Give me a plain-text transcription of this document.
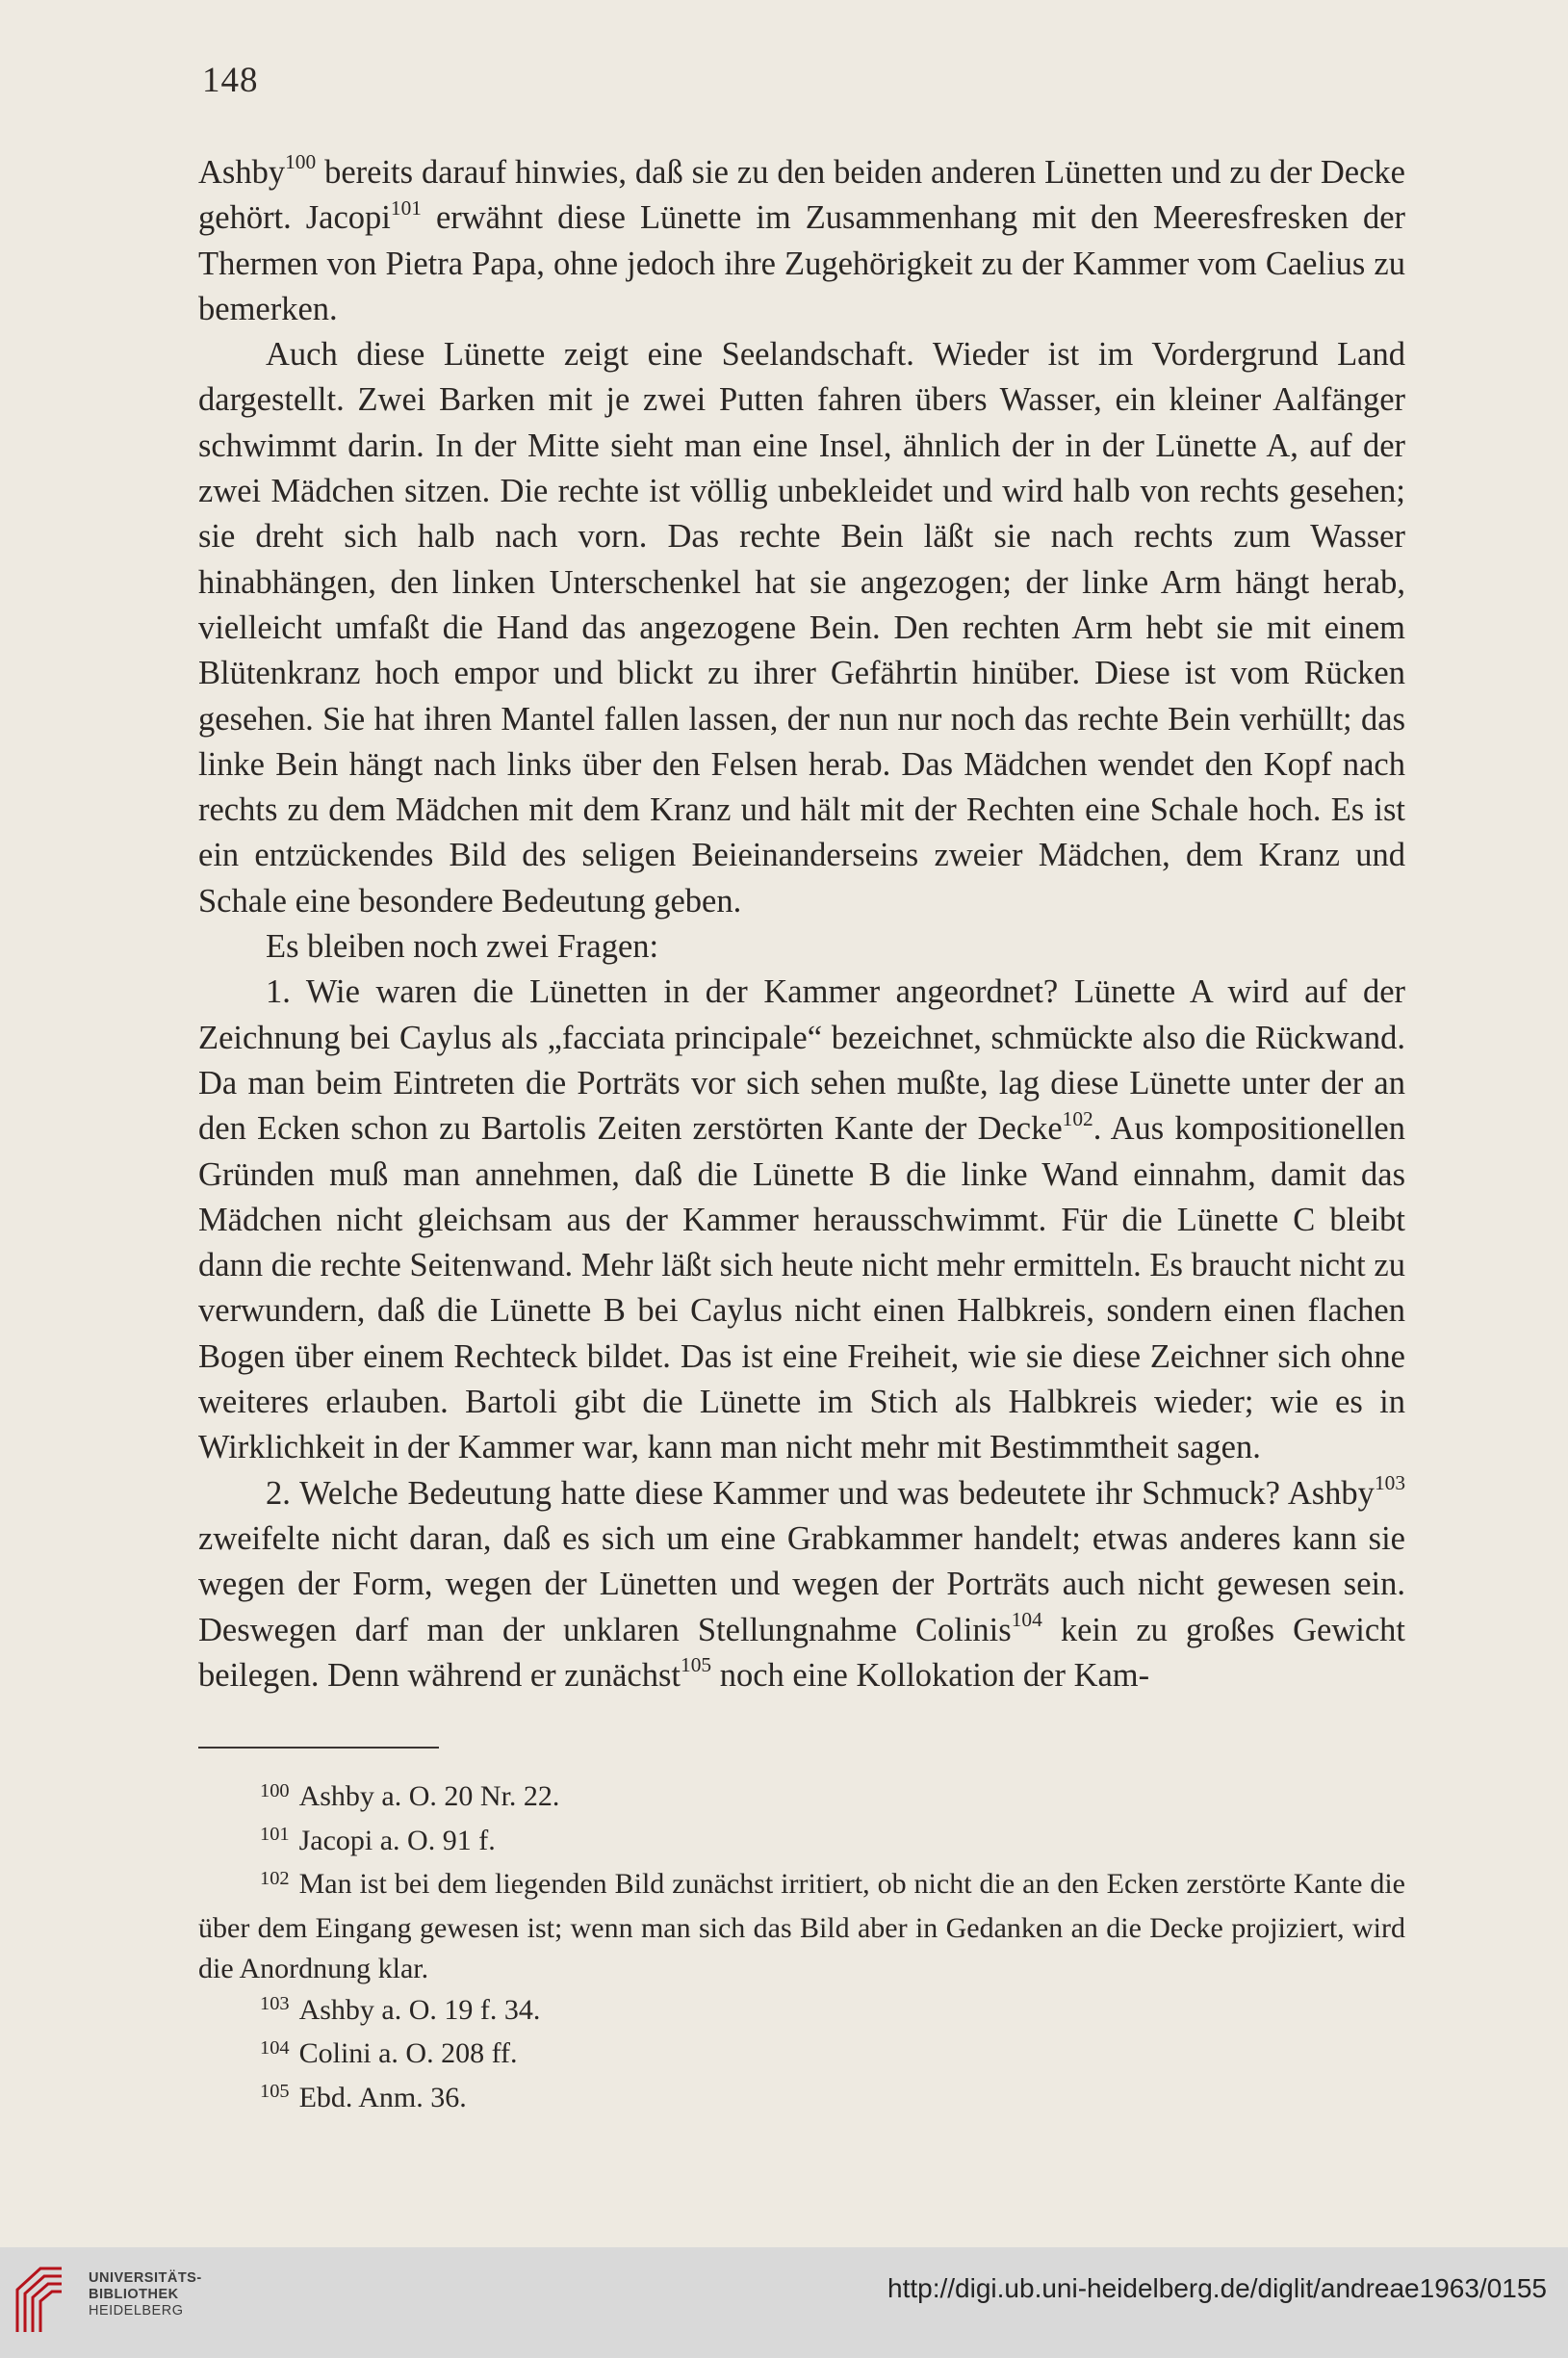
148

Ashby$^{100}$ bereits darauf hinwies, daß sie zu den beiden anderen Lünetten und zu der Decke gehört. Jacopi$^{101}$ erwähnt diese Lünette im Zusammenhang mit den Meeresfresken der Thermen von Pietra Papa, ohne jedoch ihre Zugehörigkeit zu der Kammer vom Caelius zu bemerken.

Auch diese Lünette zeigt eine Seelandschaft. Wieder ist im Vordergrund Land dargestellt. Zwei Barken mit je zwei Putten fahren übers Wasser, ein kleiner Aalfänger schwimmt darin. In der Mitte sieht man eine Insel, ähnlich der in der Lünette A, auf der zwei Mädchen sitzen. Die rechte ist völlig unbekleidet und wird halb von rechts gesehen; sie dreht sich halb nach vorn. Das rechte Bein läßt sie nach rechts zum Wasser hinabhängen, den linken Unterschenkel hat sie angezogen; der linke Arm hängt herab, vielleicht umfaßt die Hand das angezogene Bein. Den rechten Arm hebt sie mit einem Blütenkranz hoch empor und blickt zu ihrer Gefährtin hinüber. Diese ist vom Rücken gesehen. Sie hat ihren Mantel fallen lassen, der nun nur noch das rechte Bein verhüllt; das linke Bein hängt nach links über den Felsen herab. Das Mädchen wendet den Kopf nach rechts zu dem Mädchen mit dem Kranz und hält mit der Rechten eine Schale hoch. Es ist ein entzückendes Bild des seligen Beieinanderseins zweier Mädchen, dem Kranz und Schale eine besondere Bedeutung geben.

Es bleiben noch zwei Fragen:

1. Wie waren die Lünetten in der Kammer angeordnet? Lünette A wird auf der Zeichnung bei Caylus als „facciata principale“ bezeichnet, schmückte also die Rückwand. Da man beim Eintreten die Porträts vor sich sehen mußte, lag diese Lünette unter der an den Ecken schon zu Bartolis Zeiten zerstörten Kante der Decke$^{102}$. Aus kompositionellen Gründen muß man annehmen, daß die Lünette B die linke Wand einnahm, damit das Mädchen nicht gleichsam aus der Kammer herausschwimmt. Für die Lünette C bleibt dann die rechte Seitenwand. Mehr läßt sich heute nicht mehr ermitteln. Es braucht nicht zu verwundern, daß die Lünette B bei Caylus nicht einen Halbkreis, sondern einen flachen Bogen über einem Rechteck bildet. Das ist eine Freiheit, wie sie diese Zeichner sich ohne weiteres erlauben. Bartoli gibt die Lünette im Stich als Halbkreis wieder; wie es in Wirklichkeit in der Kammer war, kann man nicht mehr mit Bestimmtheit sagen.

2. Welche Bedeutung hatte diese Kammer und was bedeutete ihr Schmuck? Ashby$^{103}$ zweifelte nicht daran, daß es sich um eine Grabkammer handelt; etwas anderes kann sie wegen der Form, wegen der Lünetten und wegen der Porträts auch nicht gewesen sein. Deswegen darf man der unklaren Stellungnahme Colinis$^{104}$ kein zu großes Gewicht beilegen. Denn während er zunächst$^{105}$ noch eine Kollokation der Kam-

$^{100}$ Ashby a. O. 20 Nr. 22.

$^{101}$ Jacopi a. O. 91 f.

$^{102}$ Man ist bei dem liegenden Bild zunächst irritiert, ob nicht die an den Ecken zerstörte Kante die über dem Eingang gewesen ist; wenn man sich das Bild aber in Gedanken an die Decke projiziert, wird die Anordnung klar.

$^{103}$ Ashby a. O. 19 f. 34.

$^{104}$ Colini a. O. 208 ff.

$^{105}$ Ebd. Anm. 36.

UNIVERSITÄTS-
BIBLIOTHEK
HEIDELBERG
http://digi.ub.uni-heidelberg.de/diglit/andreae1963/0155
